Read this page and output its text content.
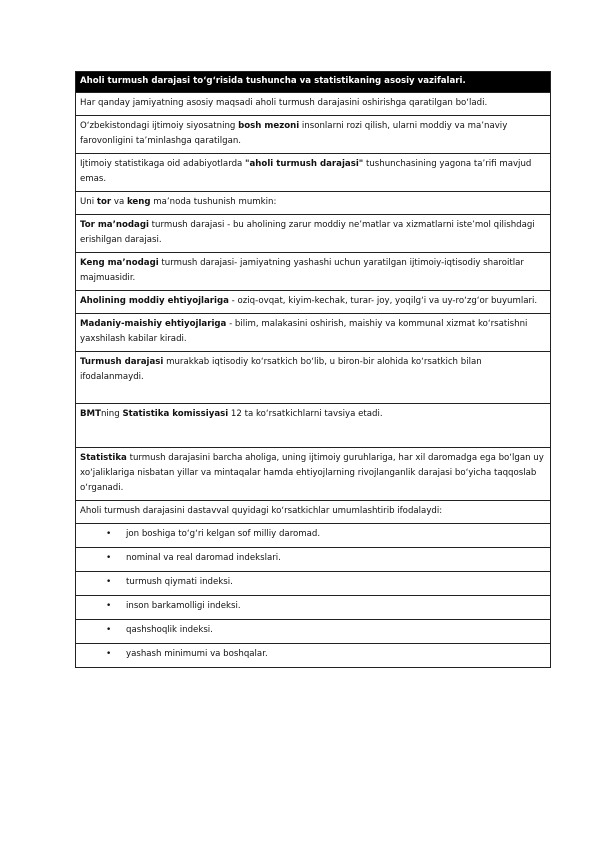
Aholi turmush darajasi to‘g‘risida tushuncha va statistikaning asosiy vazifalari.
Har qanday jamiyatning asosiy maqsadi aholi turmush darajasini oshirishga qaratilgan bo‘ladi.
O‘zbekistondagi ijtimoiy siyosatning bosh mezoni insonlarni rozi qilish, ularni moddiy va ma’naviy farovonligini ta’minlashga qaratilgan.
Ijtimoiy statistikaga oid adabiyotlarda "aholi turmush darajasi" tushunchasining yagona ta’rifi mavjud emas.
Uni tor va keng ma’noda tushunish mumkin:
Tor ma’nodagi turmush darajasi - bu aholining zarur moddiy ne’matlar va xizmatlarni iste’mol qilishdagi erishilgan darajasi.
Keng ma’nodagi turmush darajasi- jamiyatning yashashi uchun yaratilgan ijtimoiy-iqtisodiy sharoitlar majmuasidir.
Aholining moddiy ehtiyojlariga - oziq-ovqat, kiyim-kechak, turar- joy, yoqilg‘i va uy-ro‘zg‘or buyumlari.
Madaniy-maishiy ehtiyojlariga - bilim, malakasini oshirish, maishiy va kommunal xizmat ko‘rsatishni yaxshilash kabilar kiradi.
Turmush darajasi murakkab iqtisodiy ko‘rsatkich bo‘lib, u biron-bir alohida ko‘rsatkich bilan ifodalanmaydi.
BMTning Statistika komissiyasi 12 ta ko‘rsatkichlarni tavsiya etadi.
Statistika turmush darajasini barcha aholiga, uning ijtimoiy guruhlariga, har xil daromadga ega bo‘lgan uy xo‘jaliklariga nisbatan yillar va mintaqalar hamda ehtiyojlarning rivojlanganlik darajasi bo‘yicha taqqoslab o‘rganadi.
Aholi turmush darajasini dastavval quyidagi ko‘rsatkichlar umumlashtirib ifodalaydi:
• jon boshiga to‘g‘ri kelgan sof milliy daromad.
• nominal va real daromad indekslari.
• turmush qiymati indeksi.
• inson barkamolligi indeksi.
• qashshoqlik indeksi.
• yashash minimumi va boshqalar.
